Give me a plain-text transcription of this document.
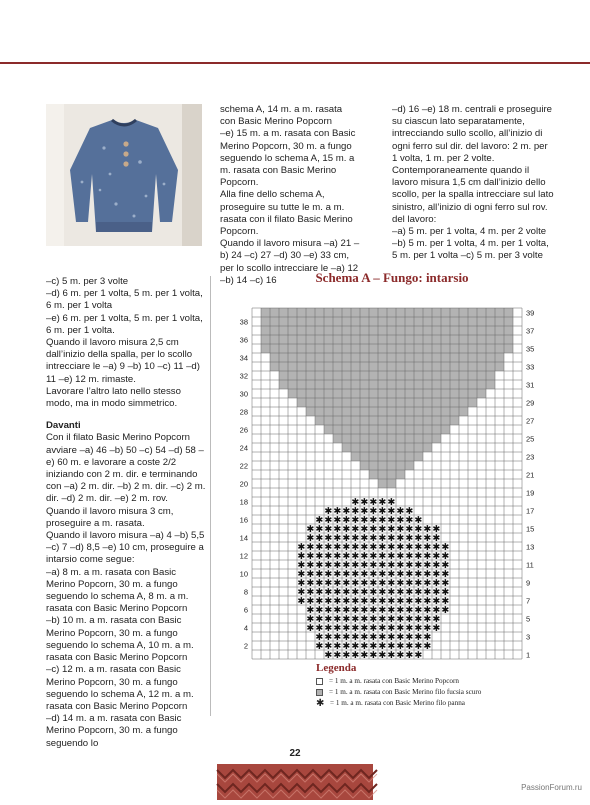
–c) 5 m. per 3 volte

–d) 6 m. per 1 volta, 5 m. per 1 volta, 6 m. per 1 volta

–e) 6 m. per 1 volta, 5 m. per 1 volta, 6 m. per 1 volta.

Quando il lavoro misura 2,5 cm dall’inizio della spalla, per lo scollo intrecciare le –a) 9 –b) 10 –c) 11 –d) 11 –e) 12 m. rimaste.

Lavorare l’altro lato nello stesso modo, ma in modo simmetrico.

Davanti

Con il filato Basic Merino Popcorn avviare –a) 46 –b) 50 –c) 54 –d) 58 –e) 60 m. e lavorare a coste 2/2 iniziando con 2 m. dir. e terminando con –a) 2 m. dir. –b) 2 m. dir. –c) 2 m. dir. –d) 2 m. dir. –e) 2 m. rov.

Quando il lavoro misura 3 cm, proseguire a m. rasata.

Quando il lavoro misura –a) 4 –b) 5,5 –c) 7 –d) 8,5 –e) 10 cm, proseguire a intarsio come segue:

–a) 8 m. a m. rasata con Basic Merino Popcorn, 30 m. a fungo seguendo lo schema A, 8 m. a m. rasata con Basic Merino Popcorn

–b) 10 m. a m. rasata con Basic Merino Popcorn, 30 m. a fungo seguendo lo schema A, 10 m. a m. rasata con Basic Merino Popcorn

–c) 12 m. a m. rasata con Basic Merino Popcorn, 30 m. a fungo seguendo lo schema A, 12 m. a m. rasata con Basic Merino Popcorn

–d) 14 m. a m. rasata con Basic Merino Popcorn, 30 m. a fungo seguendo lo

schema A, 14 m. a m. rasata con Basic Merino Popcorn

–e) 15 m. a m. rasata con Basic Merino Popcorn, 30 m. a fungo seguendo lo schema A, 15 m. a m. rasata con Basic Merino Popcorn.

Alla fine dello schema A, proseguire su tutte le m. a m. rasata con il filato Basic Merino Popcorn.

Quando il lavoro misura –a) 21 –b) 24 –c) 27 –d) 30 –e) 33 cm, per lo scollo intrecciare le –a) 12 –b) 14 –c) 16

–d) 16 –e) 18 m. centrali e proseguire su ciascun lato separatamente, intrecciando sullo scollo, all’inizio di ogni ferro sul dir. del lavoro: 2 m. per 1 volta, 1 m. per 2 volte.

Contemporaneamente quando il lavoro misura 1,5 cm dall’inizio dello scollo, per la spalla intrecciare sul lato sinistro, all’inizio di ogni ferro sul rov. del lavoro:

–a) 5 m. per 1 volta, 4 m. per 2 volte –b) 5 m. per 1 volta, 4 m. per 1 volta, 5 m. per 1 volta –c) 5 m. per 3 volte

Schema A – Fungo: intarsio
✱ ✱ ✱ ✱ ✱ ✱ ✱ ✱ ✱ ✱ ✱
✱ ✱ ✱ ✱ ✱ ✱ ✱ ✱ ✱ ✱ ✱ ✱ ✱
✱ ✱ ✱ ✱ ✱ ✱ ✱ ✱ ✱ ✱ ✱ ✱ ✱
✱ ✱ ✱ ✱ ✱ ✱ ✱ ✱ ✱ ✱ ✱ ✱ ✱ ✱ ✱
✱ ✱ ✱ ✱ ✱ ✱ ✱ ✱ ✱ ✱ ✱ ✱ ✱ ✱ ✱
✱ ✱ ✱ ✱ ✱ ✱ ✱ ✱ ✱ ✱ ✱ ✱ ✱ ✱ ✱ ✱
✱ ✱ ✱ ✱ ✱ ✱ ✱ ✱ ✱ ✱ ✱ ✱ ✱ ✱ ✱ ✱ ✱
✱ ✱ ✱ ✱ ✱ ✱ ✱ ✱ ✱ ✱ ✱ ✱ ✱ ✱ ✱ ✱ ✱
✱ ✱ ✱ ✱ ✱ ✱ ✱ ✱ ✱ ✱ ✱ ✱ ✱ ✱ ✱ ✱ ✱
✱ ✱ ✱ ✱ ✱ ✱ ✱ ✱ ✱ ✱ ✱ ✱ ✱ ✱ ✱ ✱ ✱
✱ ✱ ✱ ✱ ✱ ✱ ✱ ✱ ✱ ✱ ✱ ✱ ✱ ✱ ✱ ✱ ✱
✱ ✱ ✱ ✱ ✱ ✱ ✱ ✱ ✱ ✱ ✱ ✱ ✱ ✱ ✱ ✱ ✱
✱ ✱ ✱ ✱ ✱ ✱ ✱ ✱ ✱ ✱ ✱ ✱ ✱ ✱ ✱ ✱ ✱
✱ ✱ ✱ ✱ ✱ ✱ ✱ ✱ ✱ ✱ ✱ ✱ ✱ ✱ ✱
✱ ✱ ✱ ✱ ✱ ✱ ✱ ✱ ✱ ✱ ✱ ✱ ✱ ✱ ✱
✱ ✱ ✱ ✱ ✱ ✱ ✱ ✱ ✱ ✱ ✱ ✱
✱ ✱ ✱ ✱ ✱ ✱ ✱ ✱ ✱ ✱
✱ ✱ ✱ ✱ ✱
2
4
6
8
10
12
14
16
18
20
22
24
26
28
30
32
34
36
38
1
3
5
7
9
11
13
15
17
19
21
23
25
27
29
31
33
35
37
39
Legenda
= 1 m. a m. rasata con Basic Merino Popcorn
= 1 m. a m. rasata con Basic Merino filo fucsia scuro
✱ = 1 m. a m. rasata con Basic Merino filo panna
22
PassionForum.ru
